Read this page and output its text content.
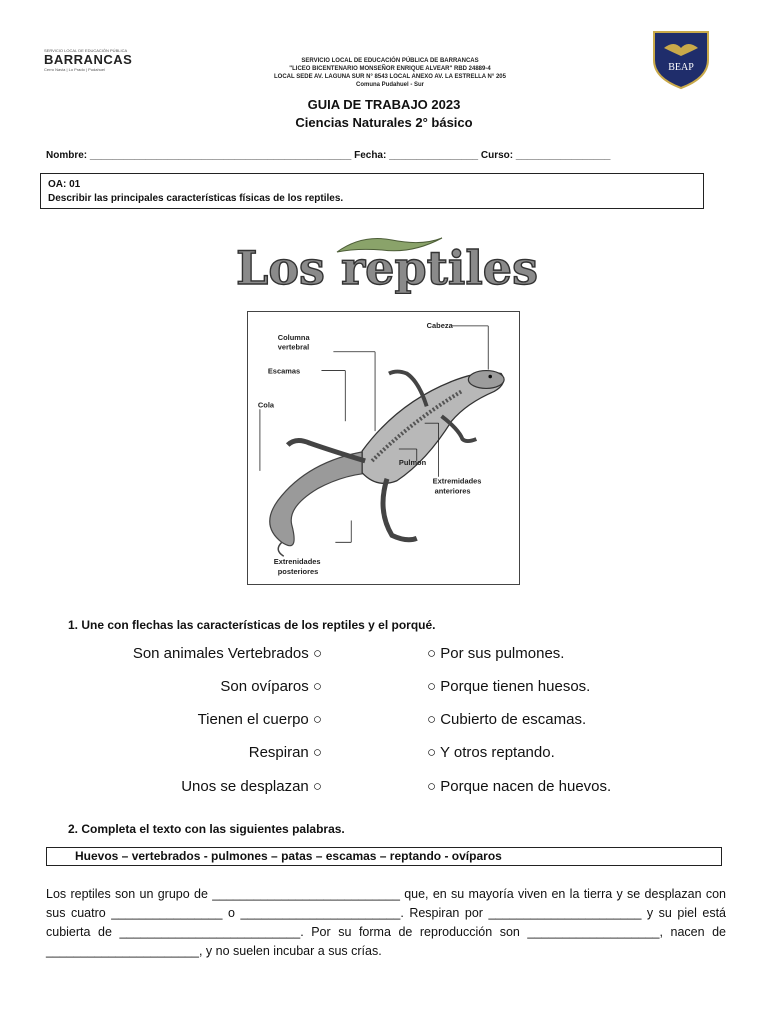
SERVICIO LOCAL DE EDUCACIÓN PÚBLICA
BARRANCAS
Cerro Navia | Lo Prado | Pudahuel
SERVICIO LOCAL DE EDUCACIÓN PÚBLICA DE BARRANCAS
"LICEO BICENTENARIO MONSEÑOR ENRIQUE ALVEAR" RBD 24889-4
LOCAL SEDE AV. LAGUNA SUR N° 8543 LOCAL ANEXO AV. LA ESTRELLA N° 205
Comuna Pudahuel - Sur
BEAP
GUIA DE TRABAJO 2023
Ciencias Naturales 2° básico
Nombre: _______________________________________________ Fecha: ________________ Curso: _________________
OA: 01
Describir las principales características físicas de los reptiles.
Los reptiles
Columna
vertebral
Cabeza
Escamas
Cola
Pulmon
Extremidades
anteriores
Extrenidades
posteriores
1. Une con flechas las características de los reptiles y el porqué.
Son animales Vertebrados ○
Son ovíparos ○
Tienen el cuerpo ○
Respiran ○
Unos se desplazan ○
○ Por sus pulmones.
○ Porque tienen huesos.
○ Cubierto de escamas.
○ Y otros reptando.
○ Porque nacen de huevos.
2. Completa el texto con las siguientes palabras.
Huevos – vertebrados - pulmones – patas – escamas – reptando - ovíparos
Los reptiles son un grupo de ___________________________ que, en su mayoría viven en la tierra y se desplazan con sus cuatro ________________ o _______________________. Respiran por ______________________ y su piel está cubierta de __________________________. Por su forma de reproducción son ___________________, nacen de ______________________, y no suelen incubar a sus crías.
